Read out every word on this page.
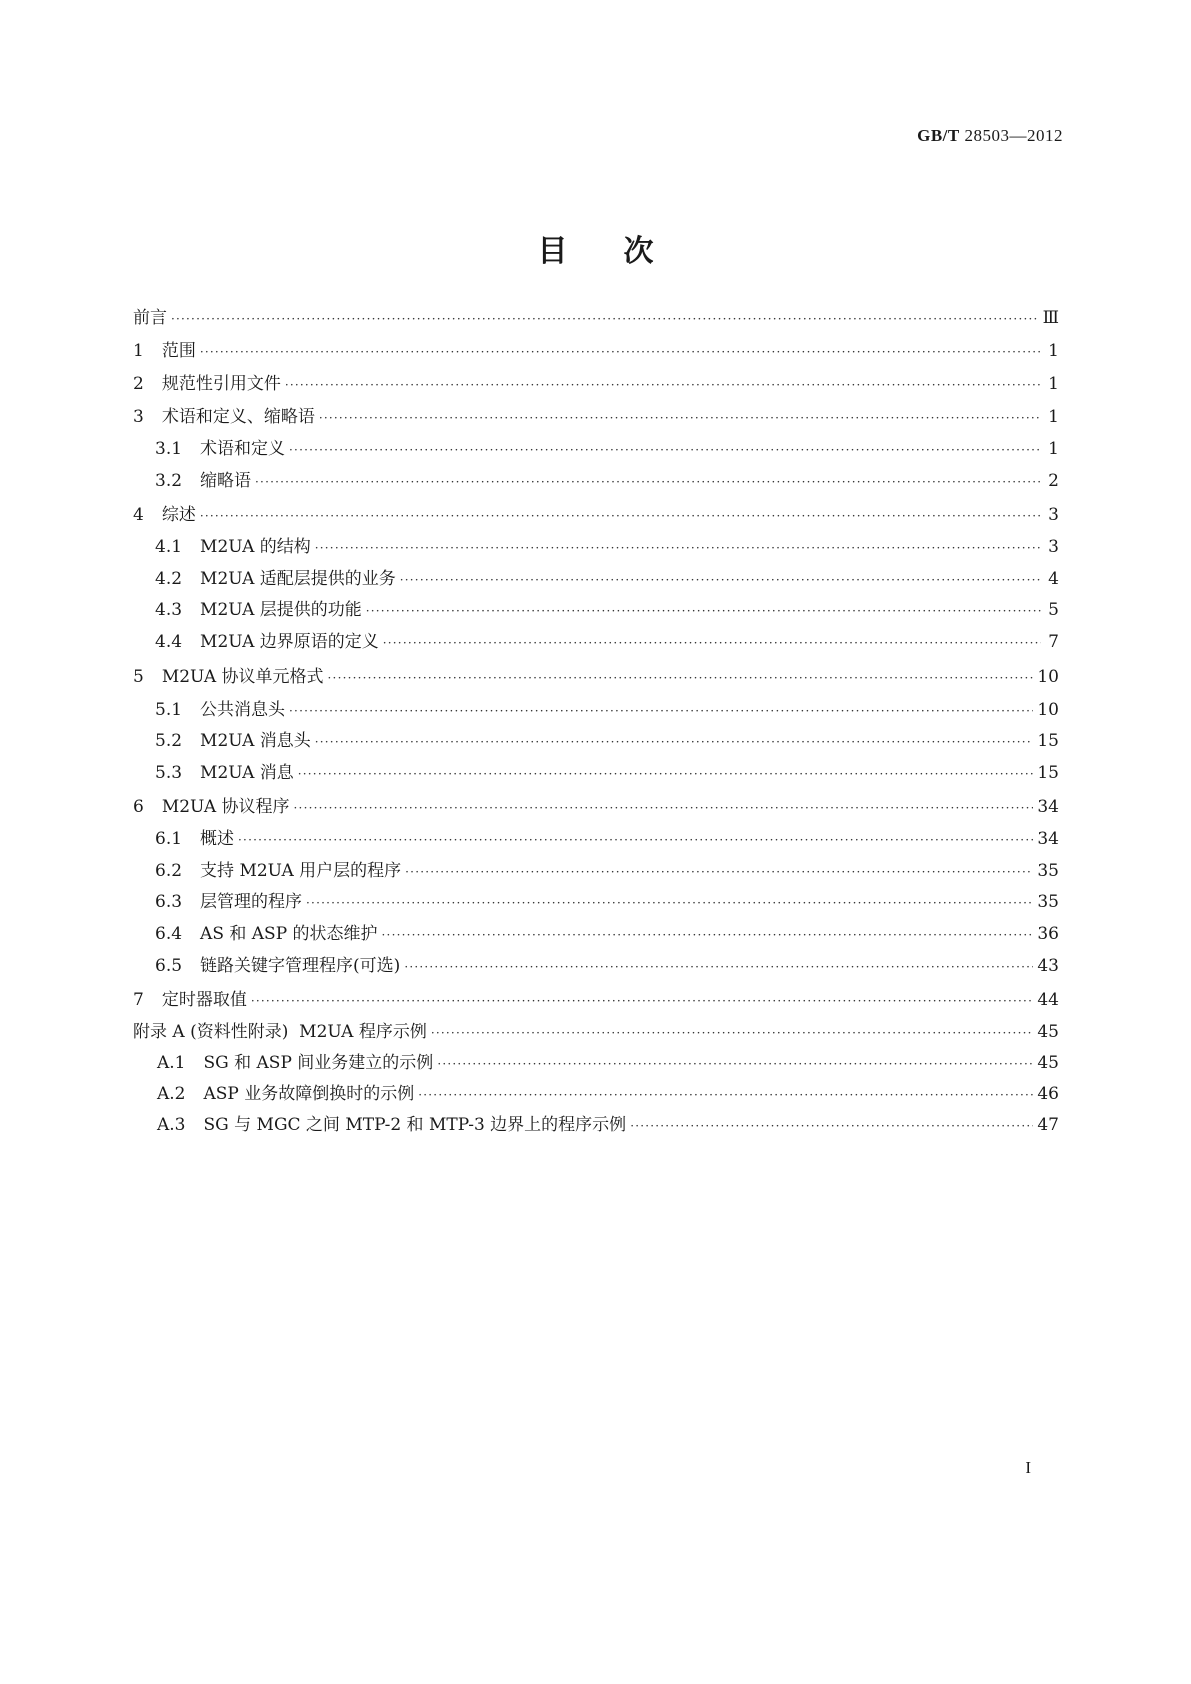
GB/T 28503—2012
目次
前言 ·····	Ⅲ
1 范围 ·····	1
2 规范性引用文件 ·····	1
3 术语和定义、缩略语 ·····	1
3.1 术语和定义 ·····	1
3.2 缩略语 ·····	2
4 综述 ·····	3
4.1 M2UA 的结构 ·····	3
4.2 M2UA 适配层提供的业务 ·····	4
4.3 M2UA 层提供的功能 ·····	5
4.4 M2UA 边界原语的定义 ·····	7
5 M2UA 协议单元格式 ·····	10
5.1 公共消息头 ·····	10
5.2 M2UA 消息头 ·····	15
5.3 M2UA 消息 ·····	15
6 M2UA 协议程序 ·····	34
6.1 概述 ·····	34
6.2 支持 M2UA 用户层的程序 ·····	35
6.3 层管理的程序 ·····	35
6.4 AS 和 ASP 的状态维护 ·····	36
6.5 链路关键字管理程序(可选) ·····	43
7 定时器取值 ·····	44
附录 A (资料性附录)  M2UA 程序示例 ·····	45
A.1 SG 和 ASP 间业务建立的示例 ·····	45
A.2 ASP 业务故障倒换时的示例 ·····	46
A.3 SG 与 MGC 之间 MTP-2 和 MTP-3 边界上的程序示例 ·····	47
I
